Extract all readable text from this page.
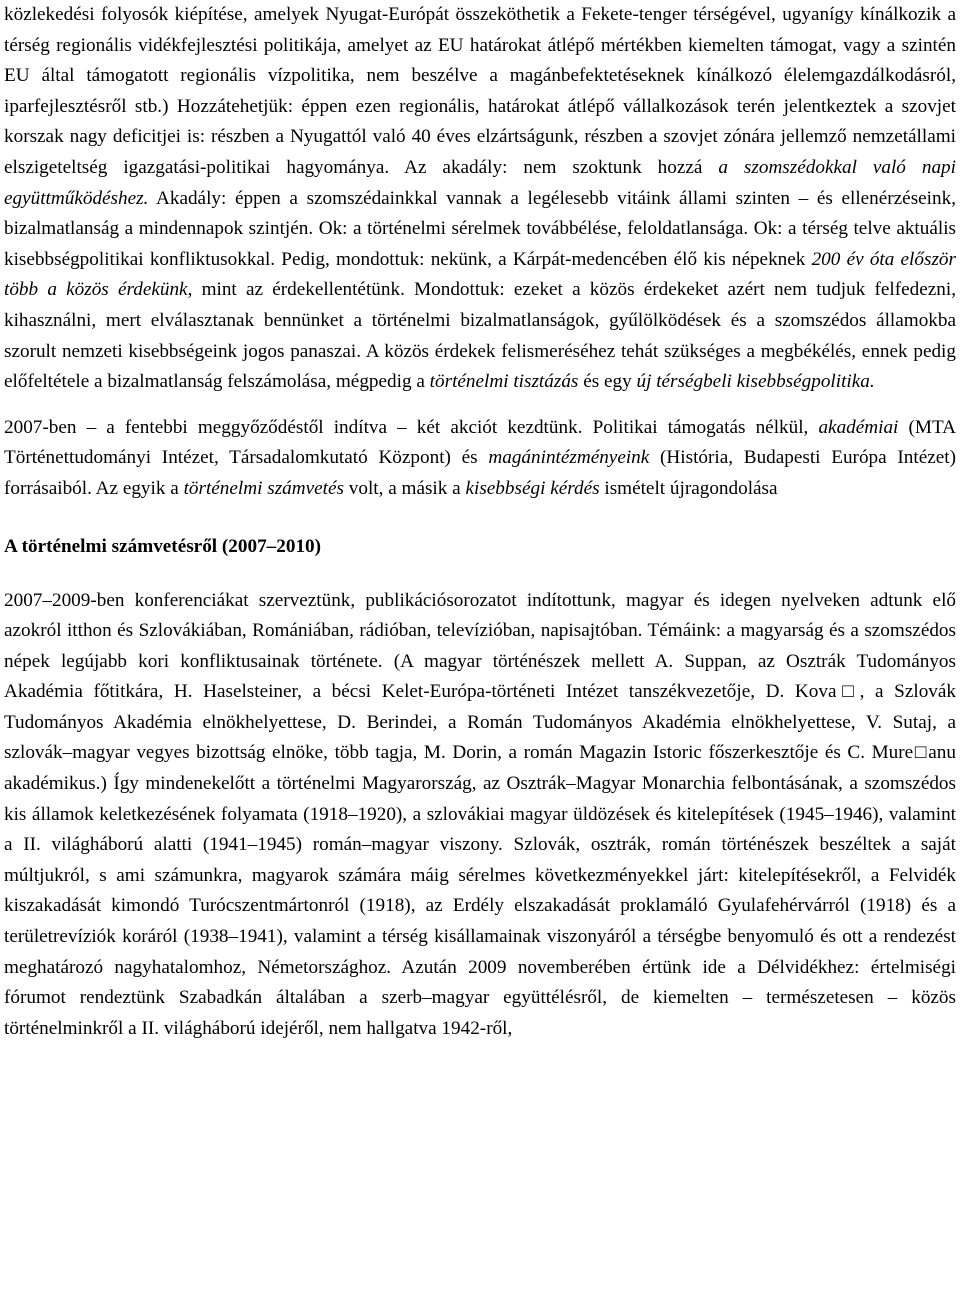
közlekedési folyosók kiépítése, amelyek Nyugat-Európát összeköthetik a Fekete-tenger térségével, ugyanígy kínálkozik a térség regionális vidékfejlesztési politikája, amelyet az EU határokat átlépő mértékben kiemelten támogat, vagy a szintén EU által támogatott regionális vízpolitika, nem beszélve a magánbefektetéseknek kínálkozó élelemgazdálkodásról, iparfejlesztésről stb.) Hozzátehetjük: éppen ezen regionális, határokat átlépő vállalkozások terén jelentkeztek a szovjet korszak nagy deficitjei is: részben a Nyugattól való 40 éves elzártságunk, részben a szovjet zónára jellemző nemzetállami elszigeteltség igazgatási-politikai hagyománya. Az akadály: nem szoktunk hozzá a szomszédokkal való napi együttműködéshez. Akadály: éppen a szomszédainkkal vannak a legélesebb vitáink állami szinten – és ellenérzéseink, bizalmatlanság a mindennapok szintjén. Ok: a történelmi sérelmek továbbélése, feloldatlansága. Ok: a térség telve aktuális kisebbségpolitikai konfliktusokkal. Pedig, mondottuk: nekünk, a Kárpát-medencében élő kis népeknek 200 év óta először több a közös érdekünk, mint az érdekellentétünk. Mondottuk: ezeket a közös érdekeket azért nem tudjuk felfedezni, kihasználni, mert elválasztanak bennünket a történelmi bizalmatlanságok, gyűlölködések és a szomszédos államokba szorult nemzeti kisebbségeink jogos panaszai. A közös érdekek felismeréséhez tehát szükséges a megbékélés, ennek pedig előfeltétele a bizalmatlanság felszámolása, mégpedig a történelmi tisztázás és egy új térségbeli kisebbségpolitika.

2007-ben – a fentebbi meggyőződéstől indítva – két akciót kezdtünk. Politikai támogatás nélkül, akadémiai (MTA Történettudományi Intézet, Társadalomkutató Központ) és magánintézményeink (História, Budapesti Európa Intézet) forrásaiból. Az egyik a történelmi számvetés volt, a másik a kisebbségi kérdés ismételt újragondolása

A történelmi számvetésről (2007–2010)

2007–2009-ben konferenciákat szerveztünk, publikációsorozatot indítottunk, magyar és idegen nyelveken adtunk elő azokról itthon és Szlovákiában, Romániában, rádióban, televízióban, napisajtóban. Témáink: a magyarság és a szomszédos népek legújabb kori konfliktusainak története. (A magyar történészek mellett A. Suppan, az Osztrák Tudományos Akadémia főtitkára, H. Haselsteiner, a bécsi Kelet-Európa-történeti Intézet tanszékvezetője, D. Kova□, a Szlovák Tudományos Akadémia elnökhelyettese, D. Berindei, a Román Tudományos Akadémia elnökhelyettese, V. Sutaj, a szlovák–magyar vegyes bizottság elnöke, több tagja, M. Dorin, a román Magazin Istoric főszerkesztője és C. Mure□anu akadémikus.) Így mindenekelőtt a történelmi Magyarország, az Osztrák–Magyar Monarchia felbontásának, a szomszédos kis államok keletkezésének folyamata (1918–1920), a szlovákiai magyar üldözések és kitelepítések (1945–1946), valamint a II. világháború alatti (1941–1945) román–magyar viszony. Szlovák, osztrák, román történészek beszéltek a saját múltjukról, s ami számunkra, magyarok számára máig sérelmes következményekkel járt: kitelepítésekről, a Felvidék kiszakadását kimondó Turócszentmártonról (1918), az Erdély elszakadását proklamáló Gyulafehérvárról (1918) és a területrevíziók koráról (1938–1941), valamint a térség kisállamainak viszonyáról a térségbe benyomuló és ott a rendezést meghatározó nagyhatalomhoz, Németországhoz. Azután 2009 novemberében értünk ide a Délvidékhez: értelmiségi fórumot rendeztünk Szabadkán általában a szerb–magyar együttélésről, de kiemelten – természetesen – közös történelminkről a II. világháború idejéről, nem hallgatva 1942-ről,
